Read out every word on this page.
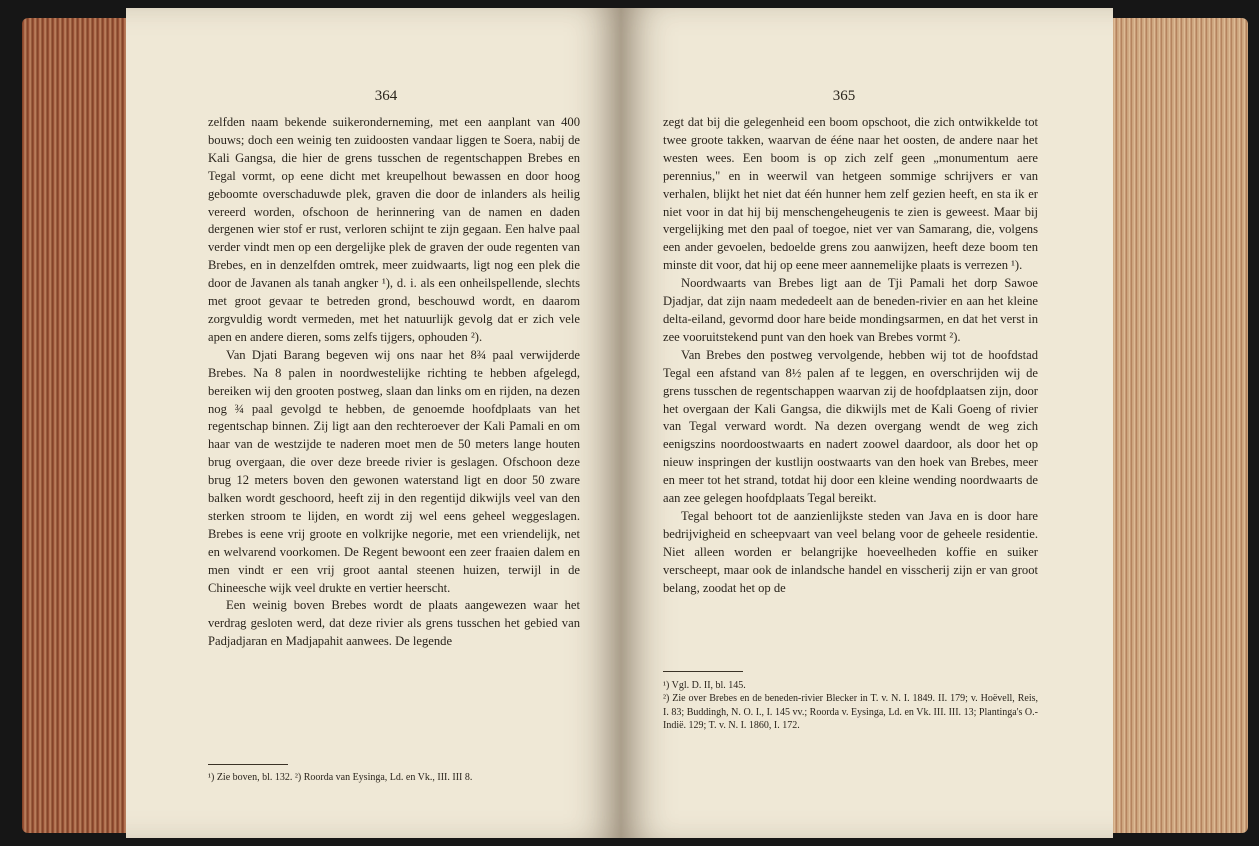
364

zelfden naam bekende suikeronderneming, met een aanplant van 400 bouws; doch een weinig ten zuidoosten vandaar liggen te Soera, nabij de Kali Gangsa, die hier de grens tusschen de regentschappen Brebes en Tegal vormt, op eene dicht met kreupelhout bewassen en door hoog geboomte overschaduwde plek, graven die door de inlanders als heilig vereerd worden, ofschoon de herinnering van de namen en daden dergenen wier stof er rust, verloren schijnt te zijn gegaan. Een halve paal verder vindt men op een dergelijke plek de graven der oude regenten van Brebes, en in denzelfden omtrek, meer zuidwaarts, ligt nog een plek die door de Javanen als tanah angker ¹), d. i. als een onheilspellende, slechts met groot gevaar te betreden grond, beschouwd wordt, en daarom zorgvuldig wordt vermeden, met het natuurlijk gevolg dat er zich vele apen en andere dieren, soms zelfs tijgers, ophouden ²).

Van Djati Barang begeven wij ons naar het 8¾ paal verwijderde Brebes. Na 8 palen in noordwestelijke richting te hebben afgelegd, bereiken wij den grooten postweg, slaan dan links om en rijden, na dezen nog ¾ paal gevolgd te hebben, de genoemde hoofdplaats van het regentschap binnen. Zij ligt aan den rechteroever der Kali Pamali en om haar van de westzijde te naderen moet men de 50 meters lange houten brug overgaan, die over deze breede rivier is geslagen. Ofschoon deze brug 12 meters boven den gewonen waterstand ligt en door 50 zware balken wordt geschoord, heeft zij in den regentijd dikwijls veel van den sterken stroom te lijden, en wordt zij wel eens geheel weggeslagen. Brebes is eene vrij groote en volkrijke negorie, met een vriendelijk, net en welvarend voorkomen. De Regent bewoont een zeer fraaien dalem en men vindt er een vrij groot aantal steenen huizen, terwijl in de Chineesche wijk veel drukte en vertier heerscht.

Een weinig boven Brebes wordt de plaats aangewezen waar het verdrag gesloten werd, dat deze rivier als grens tusschen het gebied van Padjadjaran en Madjapahit aanwees. De legende

¹) Zie boven, bl. 132. ²) Roorda van Eysinga, Ld. en Vk., III. III 8.

365

zegt dat bij die gelegenheid een boom opschoot, die zich ontwikkelde tot twee groote takken, waarvan de ééne naar het oosten, de andere naar het westen wees. Een boom is op zich zelf geen „monumentum aere perennius," en in weerwil van hetgeen sommige schrijvers er van verhalen, blijkt het niet dat één hunner hem zelf gezien heeft, en sta ik er niet voor in dat hij bij menschengeheugenis te zien is geweest. Maar bij vergelijking met den paal of toegoe, niet ver van Samarang, die, volgens een ander gevoelen, bedoelde grens zou aanwijzen, heeft deze boom ten minste dit voor, dat hij op eene meer aannemelijke plaats is verrezen ¹).

Noordwaarts van Brebes ligt aan de Tji Pamali het dorp Sawoe Djadjar, dat zijn naam mededeelt aan de beneden-rivier en aan het kleine delta-eiland, gevormd door hare beide mondingsarmen, en dat het verst in zee vooruitstekend punt van den hoek van Brebes vormt ²).

Van Brebes den postweg vervolgende, hebben wij tot de hoofdstad Tegal een afstand van 8½ palen af te leggen, en overschrijden wij de grens tusschen de regentschappen waarvan zij de hoofdplaatsen zijn, door het overgaan der Kali Gangsa, die dikwijls met de Kali Goeng of rivier van Tegal verward wordt. Na dezen overgang wendt de weg zich eenigszins noordoostwaarts en nadert zoowel daardoor, als door het op nieuw inspringen der kustlijn oostwaarts van den hoek van Brebes, meer en meer tot het strand, totdat hij door een kleine wending noordwaarts de aan zee gelegen hoofdplaats Tegal bereikt.

Tegal behoort tot de aanzienlijkste steden van Java en is door hare bedrijvigheid en scheepvaart van veel belang voor de geheele residentie. Niet alleen worden er belangrijke hoeveelheden koffie en suiker verscheept, maar ook de inlandsche handel en visscherij zijn er van groot belang, zoodat het op de

¹) Vgl. D. II, bl. 145.

²) Zie over Brebes en de beneden-rivier Blecker in T. v. N. I. 1849. II. 179; v. Hoëvell, Reis, I. 83; Buddingh, N. O. I., I. 145 vv.; Roorda v. Eysinga, Ld. en Vk. III. III. 13; Plantinga's O.-Indië. 129; T. v. N. I. 1860, I. 172.
